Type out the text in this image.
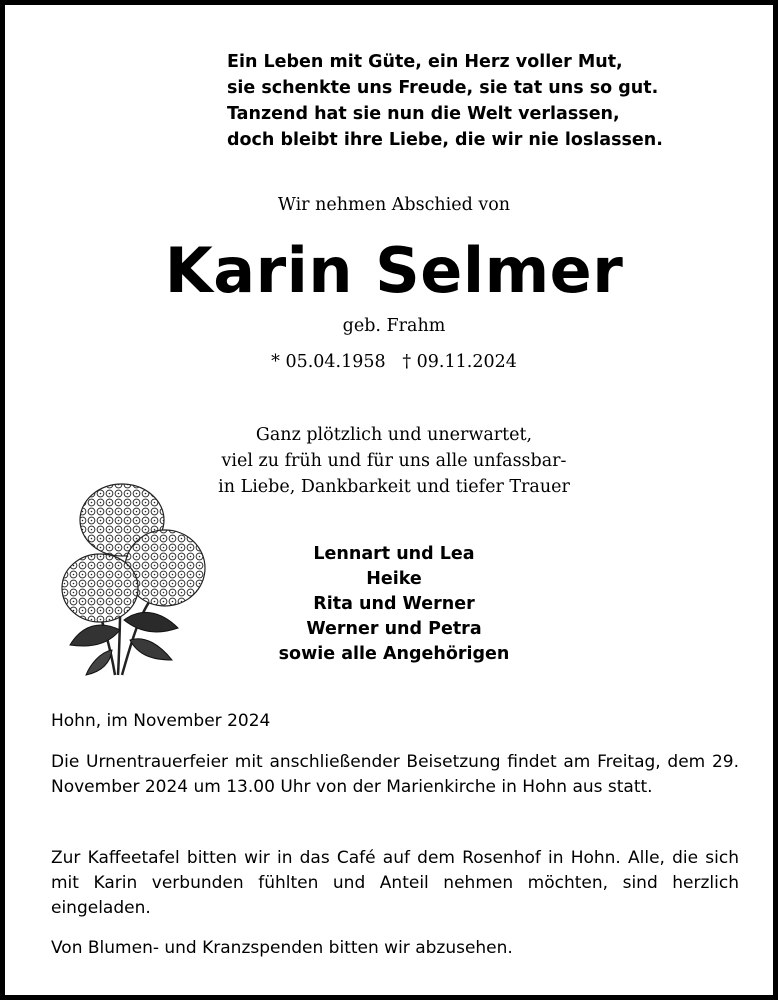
Ein Leben mit Güte, ein Herz voller Mut,
sie schenkte uns Freude, sie tat uns so gut.
Tanzend hat sie nun die Welt verlassen,
doch bleibt ihre Liebe, die wir nie loslassen.
Wir nehmen Abschied von
Karin Selmer
geb. Frahm
* 05.04.1958 † 09.11.2024
Ganz plötzlich und unerwartet,
viel zu früh und für uns alle unfassbar-
in Liebe, Dankbarkeit und tiefer Trauer
Lennart und Lea
Heike
Rita und Werner
Werner und Petra
sowie alle Angehörigen
Hohn, im November 2024
Die Urnentrauerfeier mit anschließender Beisetzung findet am Freitag, dem 29. November 2024 um 13.00 Uhr von der Marienkirche in Hohn aus statt.
Zur Kaffeetafel bitten wir in das Café auf dem Rosenhof in Hohn. Alle, die sich mit Karin verbunden fühlten und Anteil nehmen möchten, sind herzlich eingeladen.
Von Blumen- und Kranzspenden bitten wir abzusehen.
